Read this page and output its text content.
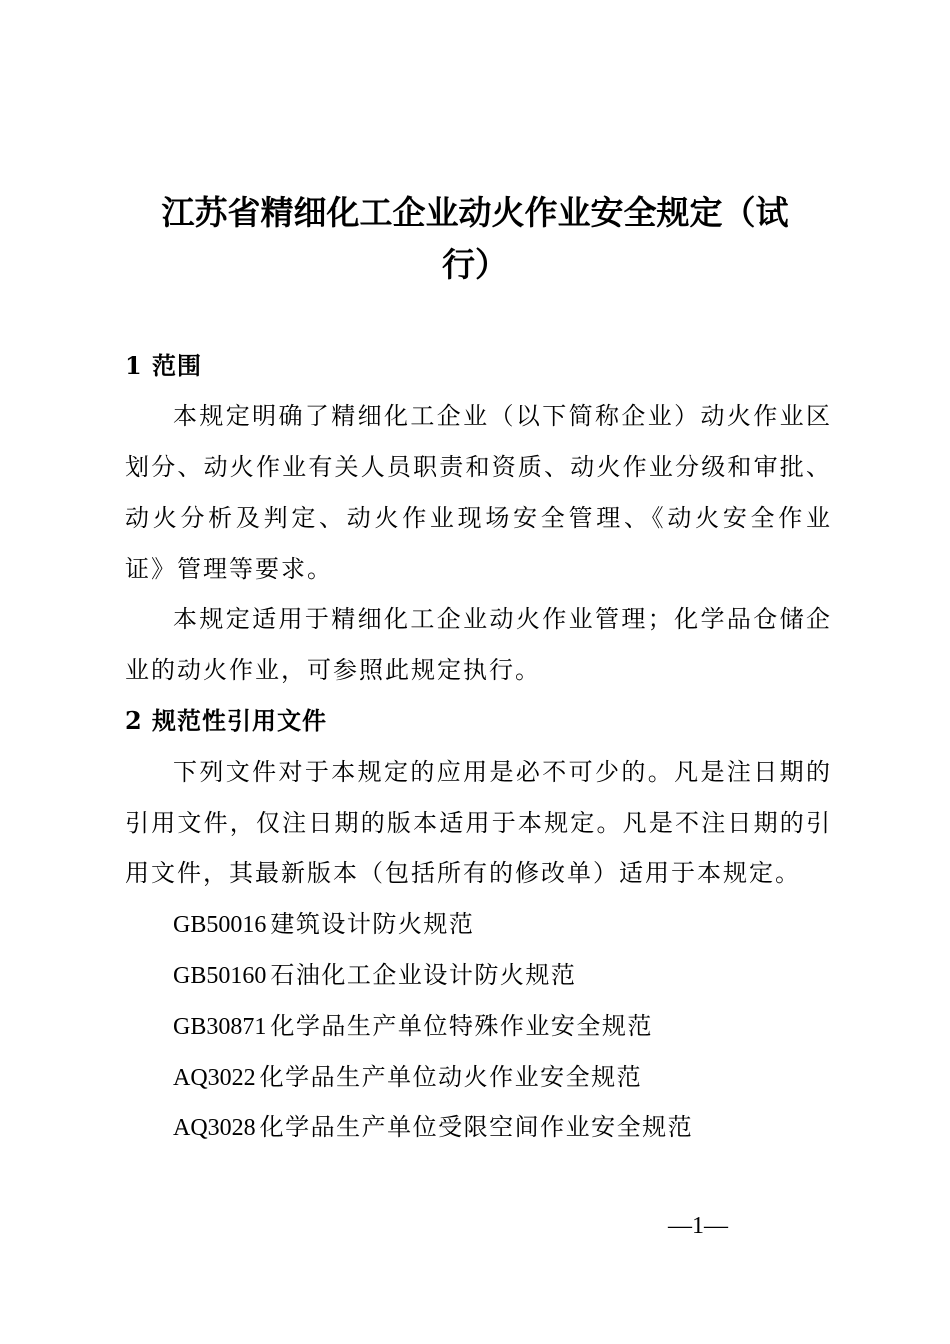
江苏省精细化工企业动火作业安全规定（试
行）
1 范围
本规定明确了精细化工企业（以下简称企业）动火作业区
划分、动火作业有关人员职责和资质、动火作业分级和审批、
动火分析及判定、动火作业现场安全管理、《动火安全作业
证》管理等要求。
本规定适用于精细化工企业动火作业管理；化学品仓储企
业的动火作业，可参照此规定执行。
2 规范性引用文件
下列文件对于本规定的应用是必不可少的。凡是注日期的
引用文件，仅注日期的版本适用于本规定。凡是不注日期的引
用文件，其最新版本（包括所有的修改单）适用于本规定。
GB50016 建筑设计防火规范
GB50160 石油化工企业设计防火规范
GB30871 化学品生产单位特殊作业安全规范
AQ3022 化学品生产单位动火作业安全规范
AQ3028 化学品生产单位受限空间作业安全规范
—1—
